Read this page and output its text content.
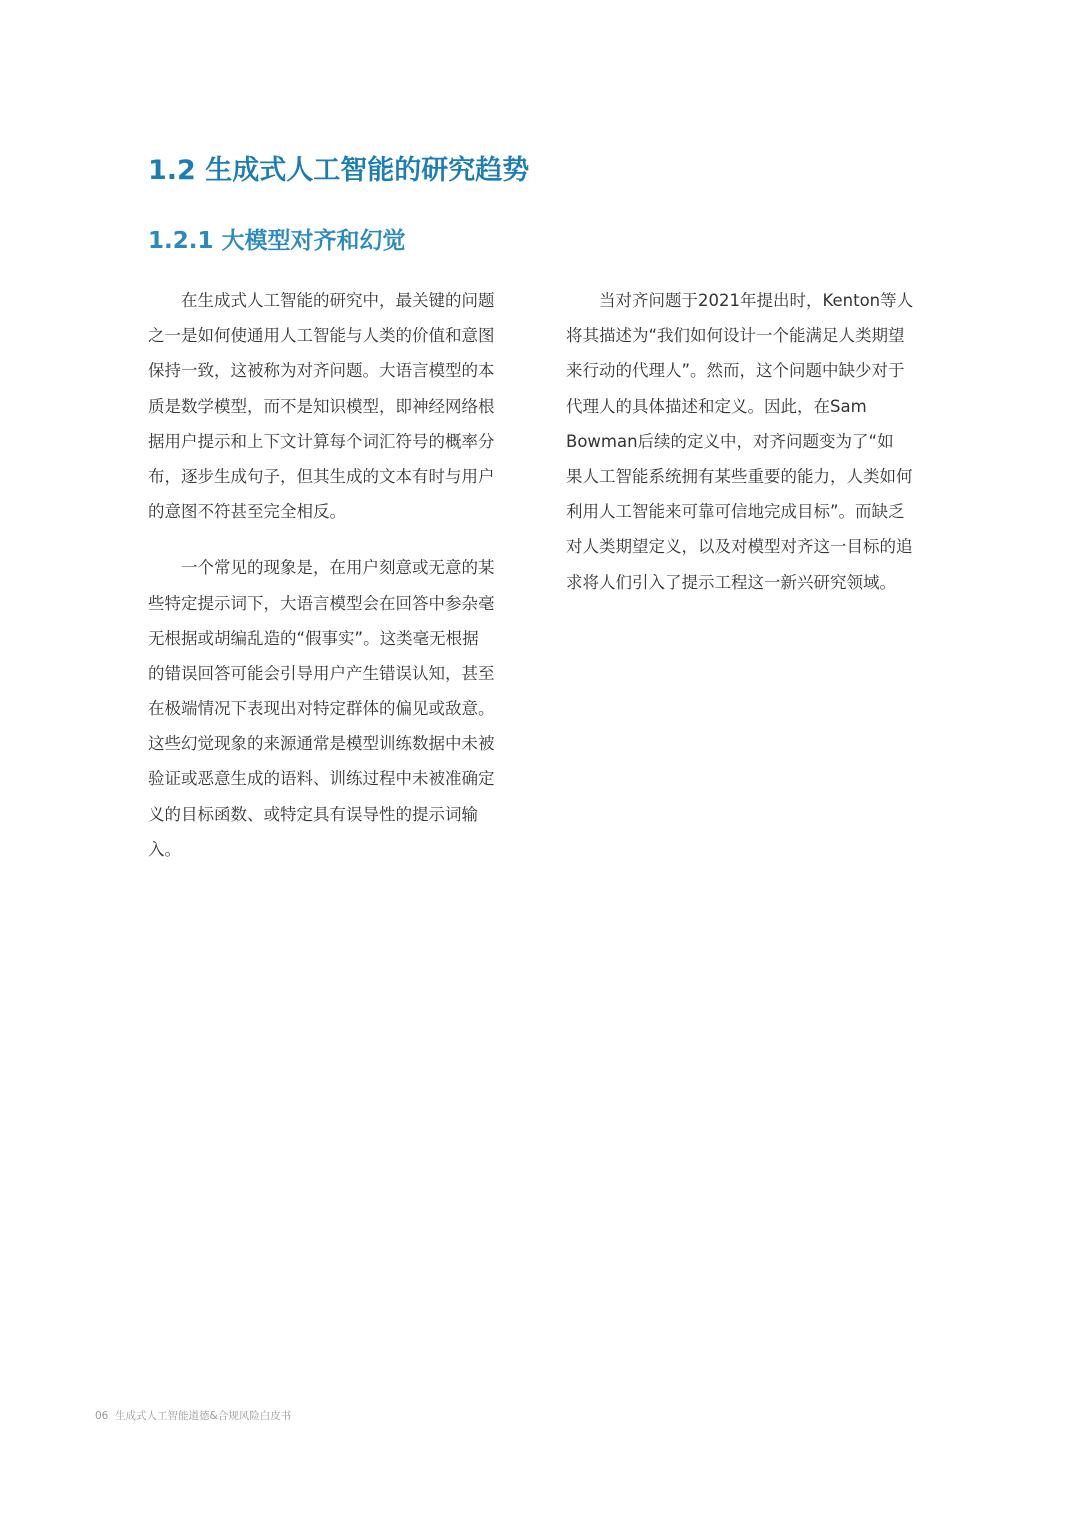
1.2 生成式人工智能的研究趋势
1.2.1 大模型对齐和幻觉
　　在生成式人工智能的研究中，最关键的问题
之一是如何使通用人工智能与人类的价值和意图
保持一致，这被称为对齐问题。大语言模型的本
质是数学模型，而不是知识模型，即神经网络根
据用户提示和上下文计算每个词汇符号的概率分
布，逐步生成句子，但其生成的文本有时与用户
的意图不符甚至完全相反。
　　一个常见的现象是，在用户刻意或无意的某
些特定提示词下，大语言模型会在回答中参杂毫
无根据或胡编乱造的“假事实”。这类毫无根据
的错误回答可能会引导用户产生错误认知，甚至
在极端情况下表现出对特定群体的偏见或敌意。
这些幻觉现象的来源通常是模型训练数据中未被
验证或恶意生成的语料、训练过程中未被准确定
义的目标函数、或特定具有误导性的提示词输
入。
　　当对齐问题于2021年提出时，Kenton等人
将其描述为“我们如何设计一个能满足人类期望
来行动的代理人”。然而，这个问题中缺少对于
代理人的具体描述和定义。因此，在Sam
Bowman后续的定义中，对齐问题变为了“如
果人工智能系统拥有某些重要的能力，人类如何
利用人工智能来可靠可信地完成目标”。而缺乏
对人类期望定义，以及对模型对齐这一目标的追
求将人们引入了提示工程这一新兴研究领域。
06 生成式人工智能道德&合规风险白皮书
